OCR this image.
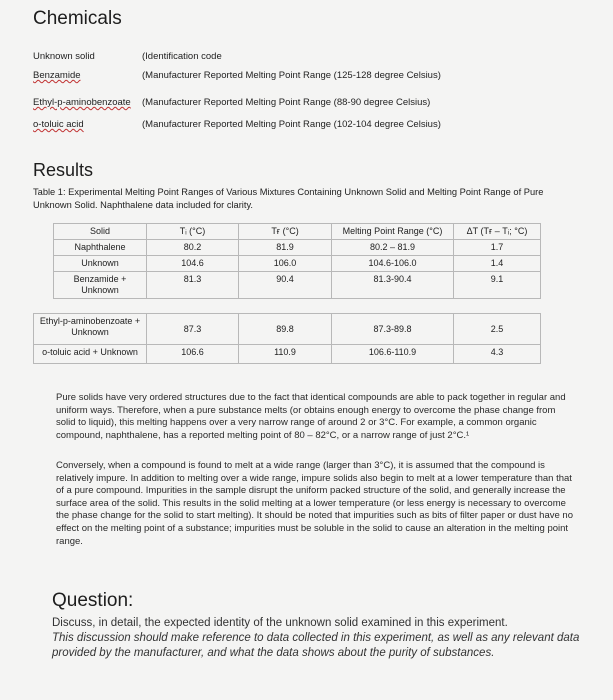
Chemicals
Unknown solid	(Identification code
Benzamide	(Manufacturer Reported Melting Point Range (125-128 degree Celsius)
Ethyl-p-aminobenzoate (Manufacturer Reported Melting Point Range (88-90 degree Celsius)
o-toluic acid	(Manufacturer Reported Melting Point Range (102-104 degree Celsius)
Results
Table 1: Experimental Melting Point Ranges of Various Mixtures Containing Unknown Solid and Melting Point Range of Pure Unknown Solid. Naphthalene data included for clarity.
Solid	Tᵢ (°C)	Tғ (°C)	Melting Point Range (°C)	ΔT (Tғ – Tᵢ; °C)
Naphthalene	80.2	81.9	80.2 – 81.9	1.7
Unknown	104.6	106.0	104.6-106.0	1.4
Benzamide + Unknown	81.3	90.4	81.3-90.4	9.1
Ethyl-p-aminobenzoate + Unknown	87.3	89.8	87.3-89.8	2.5
o-toluic acid + Unknown	106.6	110.9	106.6-110.9	4.3
Pure solids have very ordered structures due to the fact that identical compounds are able to pack together in regular and uniform ways. Therefore, when a pure substance melts (or obtains enough energy to overcome the phase change from solid to liquid), this melting happens over a very narrow range of around 2 or 3°C. For example, a common organic compound, naphthalene, has a reported melting point of 80 – 82°C, or a narrow range of just 2°C.¹
Conversely, when a compound is found to melt at a wide range (larger than 3°C), it is assumed that the compound is relatively impure. In addition to melting over a wide range, impure solids also begin to melt at a lower temperature than that of a pure compound. Impurities in the sample disrupt the uniform packed structure of the solid, and generally increase the surface area of the solid. This results in the solid melting at a lower temperature (or less energy is necessary to overcome the phase change for the solid to start melting). It should be noted that impurities such as bits of filter paper or dust have no effect on the melting point of a substance; impurities must be soluble in the solid to cause an alteration in the melting point range.
Question:
Discuss, in detail, the expected identity of the unknown solid examined in this experiment.
This discussion should make reference to data collected in this experiment, as well as any relevant data provided by the manufacturer, and what the data shows about the purity of substances.
